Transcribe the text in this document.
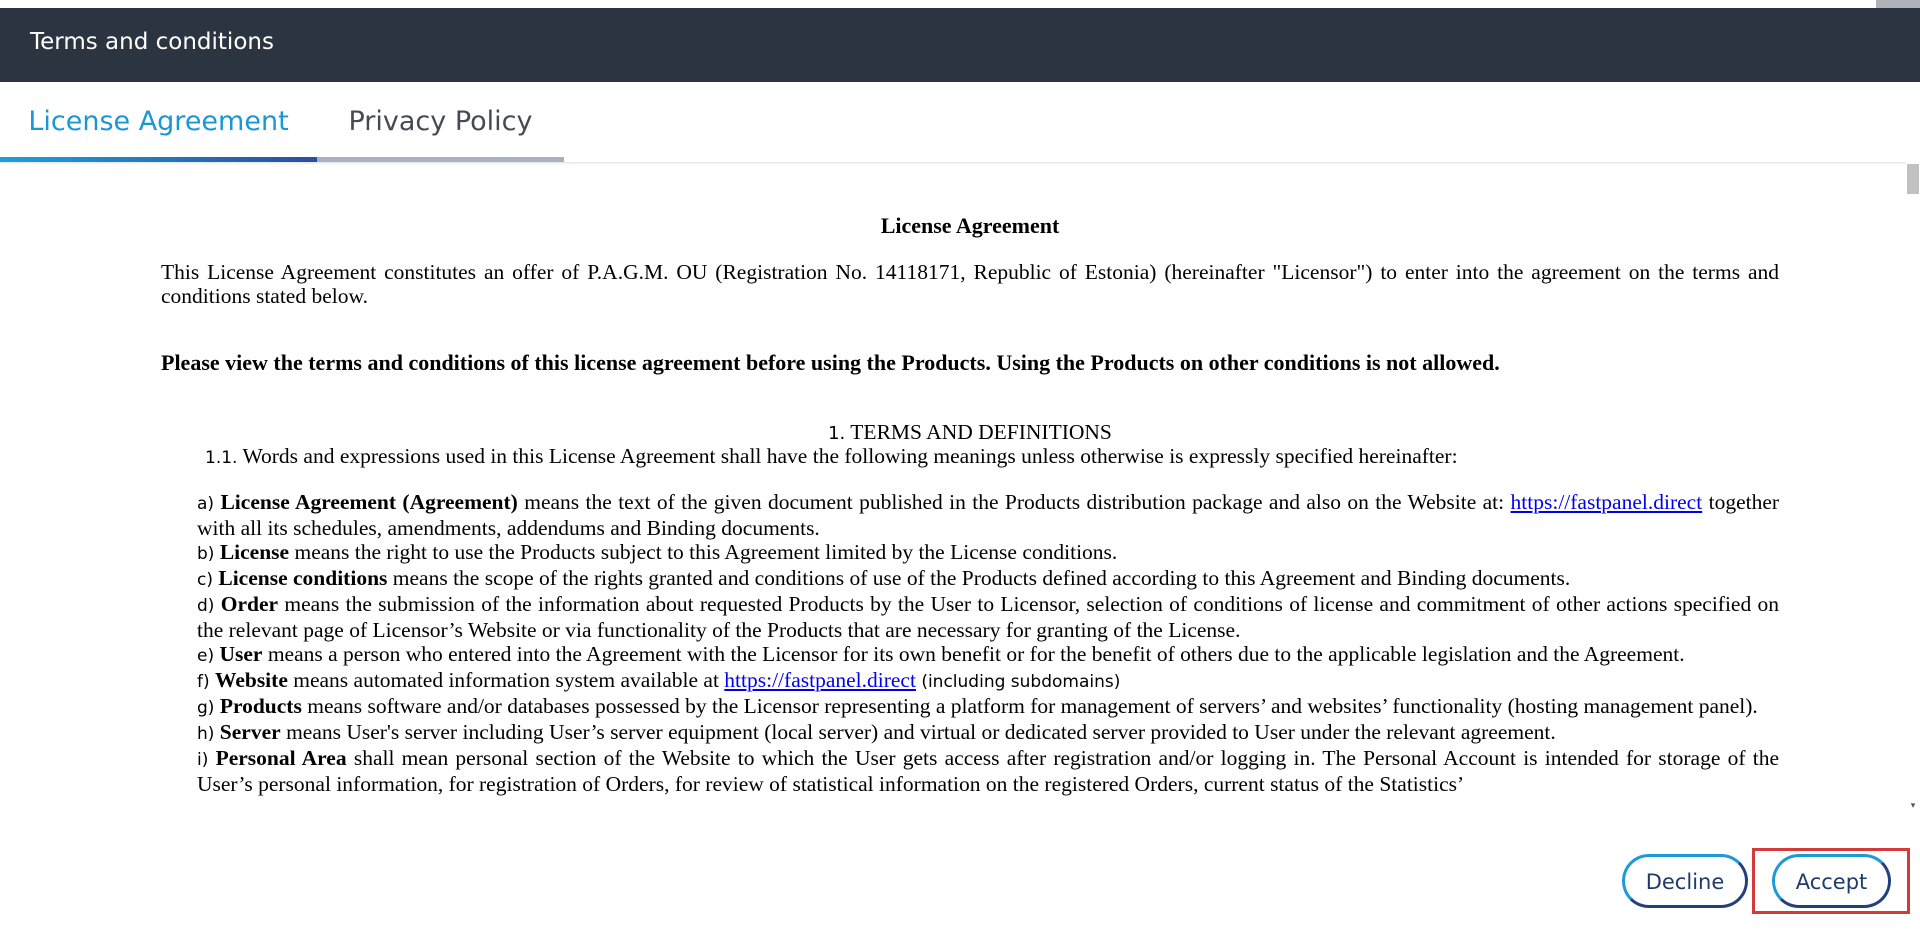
Terms and conditions
License Agreement	Privacy Policy
License Agreement
This License Agreement constitutes an offer of P.A.G.M. OU (Registration No. 14118171, Republic of Estonia) (hereinafter "Licensor") to enter into the agreement on the terms and conditions stated below.
Please view the terms and conditions of this license agreement before using the Products. Using the Products on other conditions is not allowed.
1. TERMS AND DEFINITIONS
1.1. Words and expressions used in this License Agreement shall have the following meanings unless otherwise is expressly specified hereinafter:
a) License Agreement (Agreement) means the text of the given document published in the Products distribution package and also on the Website at: https://fastpanel.direct together with all its schedules, amendments, addendums and Binding documents.
b) License means the right to use the Products subject to this Agreement limited by the License conditions.
c) License conditions means the scope of the rights granted and conditions of use of the Products defined according to this Agreement and Binding documents.
d) Order means the submission of the information about requested Products by the User to Licensor, selection of conditions of license and commitment of other actions specified on the relevant page of Licensor’s Website or via functionality of the Products that are necessary for granting of the License.
e) User means a person who entered into the Agreement with the Licensor for its own benefit or for the benefit of others due to the applicable legislation and the Agreement.
f) Website means automated information system available at https://fastpanel.direct (including subdomains)
g) Products means software and/or databases possessed by the Licensor representing a platform for management of servers’ and websites’ functionality (hosting management panel).
h) Server means User's server including User’s server equipment (local server) and virtual or dedicated server provided to User under the relevant agreement.
i) Personal Area shall mean personal section of the Website to which the User gets access after registration and/or logging in. The Personal Account is intended for storage of the User’s personal information, for registration of Orders, for review of statistical information on the registered Orders, current status of the Statistics’
▾
Decline	Accept
